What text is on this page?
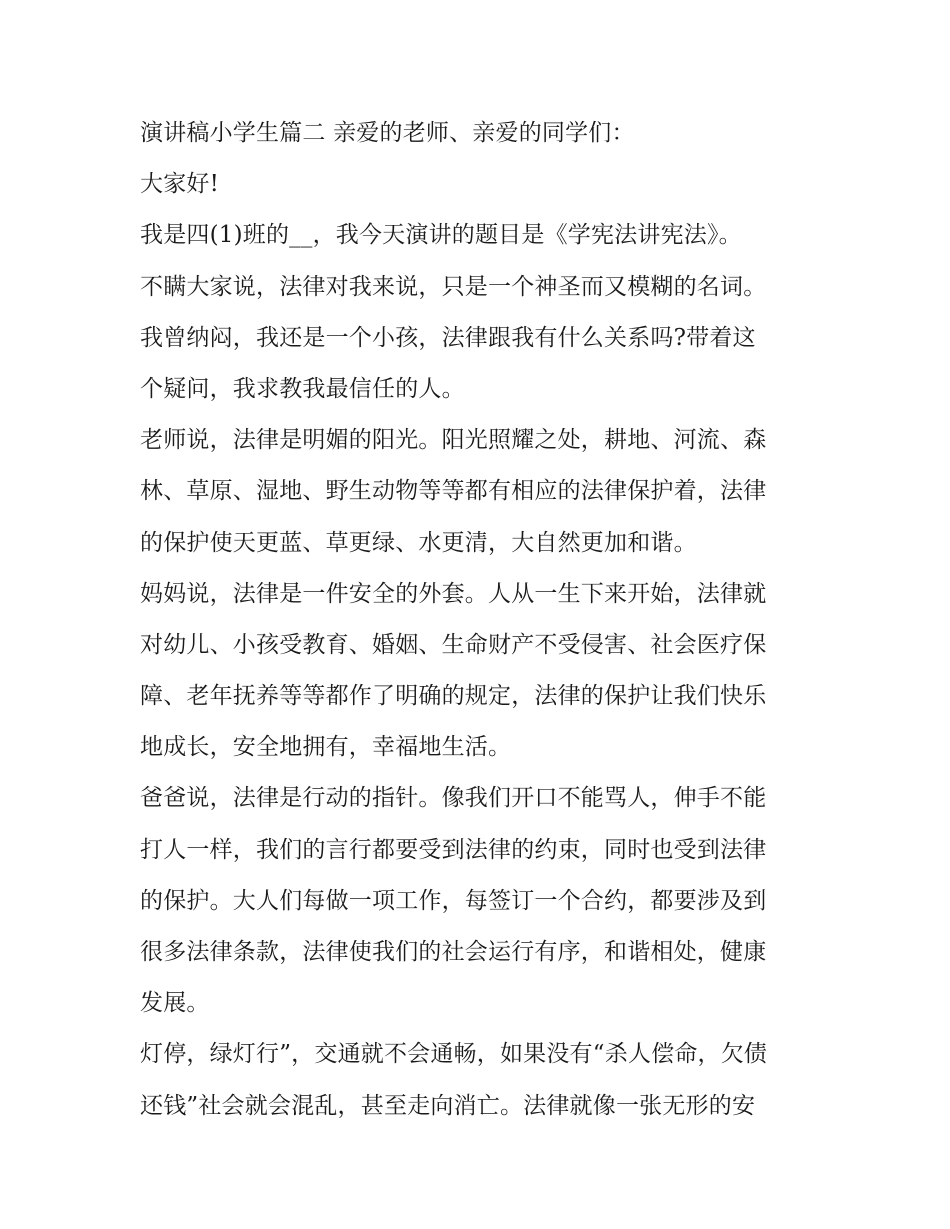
演讲稿小学生篇二 亲爱的老师、亲爱的同学们：
大家好!
我是四(1)班的__，我今天演讲的题目是《学宪法讲宪法》。
不瞒大家说，法律对我来说，只是一个神圣而又模糊的名词。
我曾纳闷，我还是一个小孩，法律跟我有什么关系吗?带着这
个疑问，我求教我最信任的人。
老师说，法律是明媚的阳光。阳光照耀之处，耕地、河流、森
林、草原、湿地、野生动物等等都有相应的法律保护着，法律
的保护使天更蓝、草更绿、水更清，大自然更加和谐。
妈妈说，法律是一件安全的外套。人从一生下来开始，法律就
对幼儿、小孩受教育、婚姻、生命财产不受侵害、社会医疗保
障、老年抚养等等都作了明确的规定，法律的保护让我们快乐
地成长，安全地拥有，幸福地生活。
爸爸说，法律是行动的指针。像我们开口不能骂人，伸手不能
打人一样，我们的言行都要受到法律的约束，同时也受到法律
的保护。大人们每做一项工作，每签订一个合约，都要涉及到
很多法律条款，法律使我们的社会运行有序，和谐相处，健康
发展。
灯停，绿灯行”，交通就不会通畅，如果没有“杀人偿命，欠债
还钱”社会就会混乱，甚至走向消亡。法律就像一张无形的安
